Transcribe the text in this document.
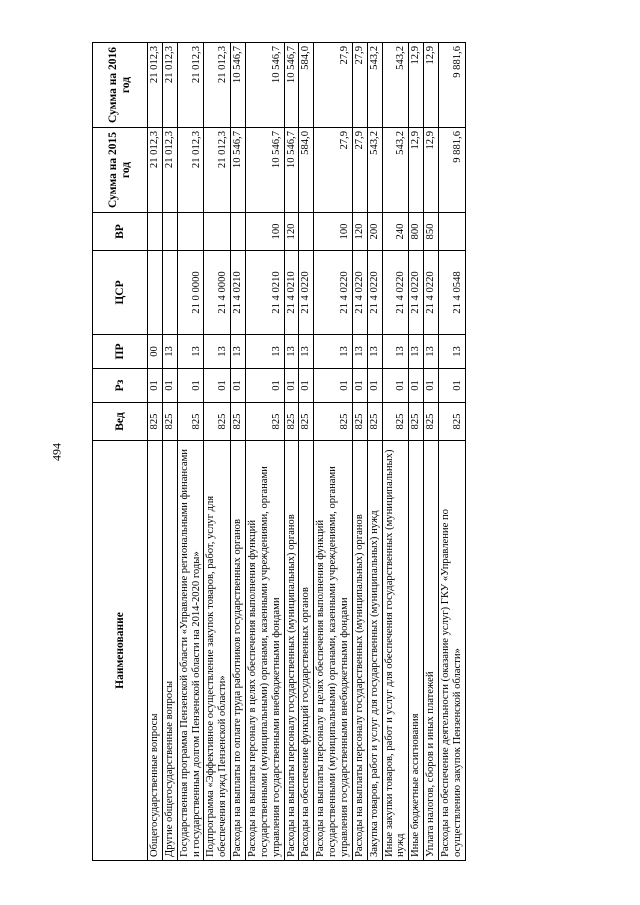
494
Наименование	Вед	Рз	ПР	ЦСР	ВР	Сумма на 2015 год	Сумма на 2016 год
Общегосударственные вопросы	825	01	00			21 012,3	21 012,3
Другие общегосударственные вопросы	825	01	13			21 012,3	21 012,3
Государственная программа Пензенской области «Управление региональными финансами и государственным долгом Пензенской области на 2014-2020 годы»	825	01	13	21 0 0000		21 012,3	21 012,3
Подпрограмма «Эффективное осуществление закупок товаров, работ, услуг для обеспечения нужд Пензенской области»	825	01	13	21 4 0000		21 012,3	21 012,3
Расходы на выплаты по оплате труда работников государственных органов	825	01	13	21 4 0210		10 546,7	10 546,7
Расходы на выплаты персоналу в целях обеспечения выполнения функций государственными (муниципальными) органами, казенными учреждениями, органами управления государственными внебюджетными фондами	825	01	13	21 4 0210	100	10 546,7	10 546,7
Расходы на выплаты персоналу государственных (муниципальных) органов	825	01	13	21 4 0210	120	10 546,7	10 546,7
Расходы на обеспечение функций государственных органов	825	01	13	21 4 0220		584,0	584,0
Расходы на выплаты персоналу в целях обеспечения выполнения функций государственными (муниципальными) органами, казенными учреждениями, органами управления государственными внебюджетными фондами	825	01	13	21 4 0220	100	27,9	27,9
Расходы на выплаты персоналу государственных (муниципальных) органов	825	01	13	21 4 0220	120	27,9	27,9
Закупка товаров, работ и услуг для государственных (муниципальных) нужд	825	01	13	21 4 0220	200	543,2	543,2
Иные закупки товаров, работ и услуг для обеспечения государственных (муниципальных) нужд	825	01	13	21 4 0220	240	543,2	543,2
Иные бюджетные ассигнования	825	01	13	21 4 0220	800	12,9	12,9
Уплата налогов, сборов и иных платежей	825	01	13	21 4 0220	850	12,9	12,9
Расходы на обеспечение деятельности (оказание услуг) ГКУ «Управление по осуществлению закупок Пензенской области»	825	01	13	21 4 0548		9 881,6	9 881,6
